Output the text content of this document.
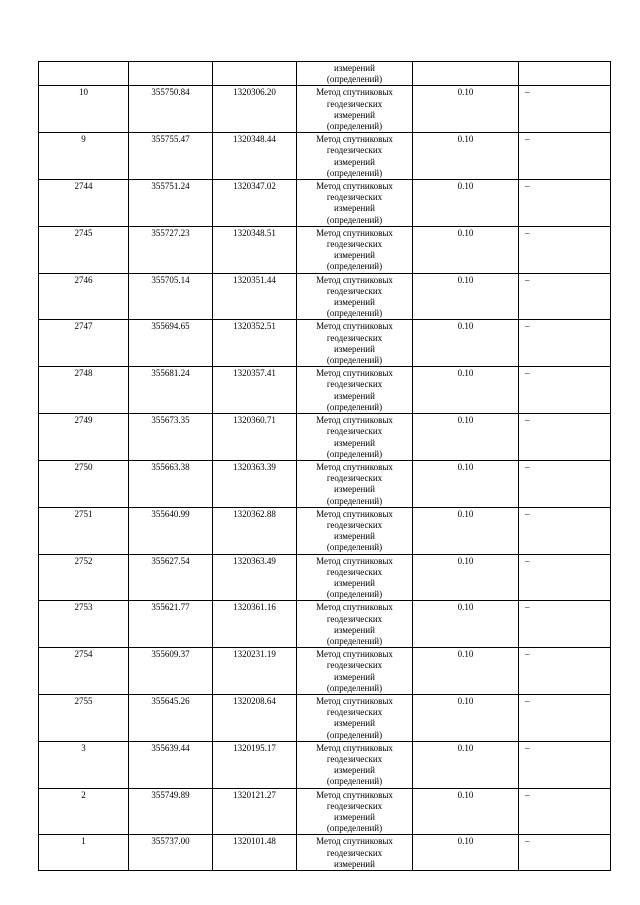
			измерений
(определений)		

10	355750.84	1320306.20	Метод спутниковых
геодезических
измерений
(определений)	0.10	–
9	355755.47	1320348.44	Метод спутниковых
геодезических
измерений
(определений)	0.10	–
2744	355751.24	1320347.02	Метод спутниковых
геодезических
измерений
(определений)	0.10	–
2745	355727.23	1320348.51	Метод спутниковых
геодезических
измерений
(определений)	0.10	–
2746	355705.14	1320351.44	Метод спутниковых
геодезических
измерений
(определений)	0.10	–
2747	355694.65	1320352.51	Метод спутниковых
геодезических
измерений
(определений)	0.10	–
2748	355681.24	1320357.41	Метод спутниковых
геодезических
измерений
(определений)	0.10	–
2749	355673.35	1320360.71	Метод спутниковых
геодезических
измерений
(определений)	0.10	–
2750	355663.38	1320363.39	Метод спутниковых
геодезических
измерений
(определений)	0.10	–
2751	355640.99	1320362.88	Метод спутниковых
геодезических
измерений
(определений)	0.10	–
2752	355627.54	1320363.49	Метод спутниковых
геодезических
измерений
(определений)	0.10	–
2753	355621.77	1320361.16	Метод спутниковых
геодезических
измерений
(определений)	0.10	–
2754	355609.37	1320231.19	Метод спутниковых
геодезических
измерений
(определений)	0.10	–
2755	355645.26	1320208.64	Метод спутниковых
геодезических
измерений
(определений)	0.10	–
3	355639.44	1320195.17	Метод спутниковых
геодезических
измерений
(определений)	0.10	–
2	355749.89	1320121.27	Метод спутниковых
геодезических
измерений
(определений)	0.10	–
1	355737.00	1320101.48	Метод спутниковых
геодезических
измерений	0.10	–
